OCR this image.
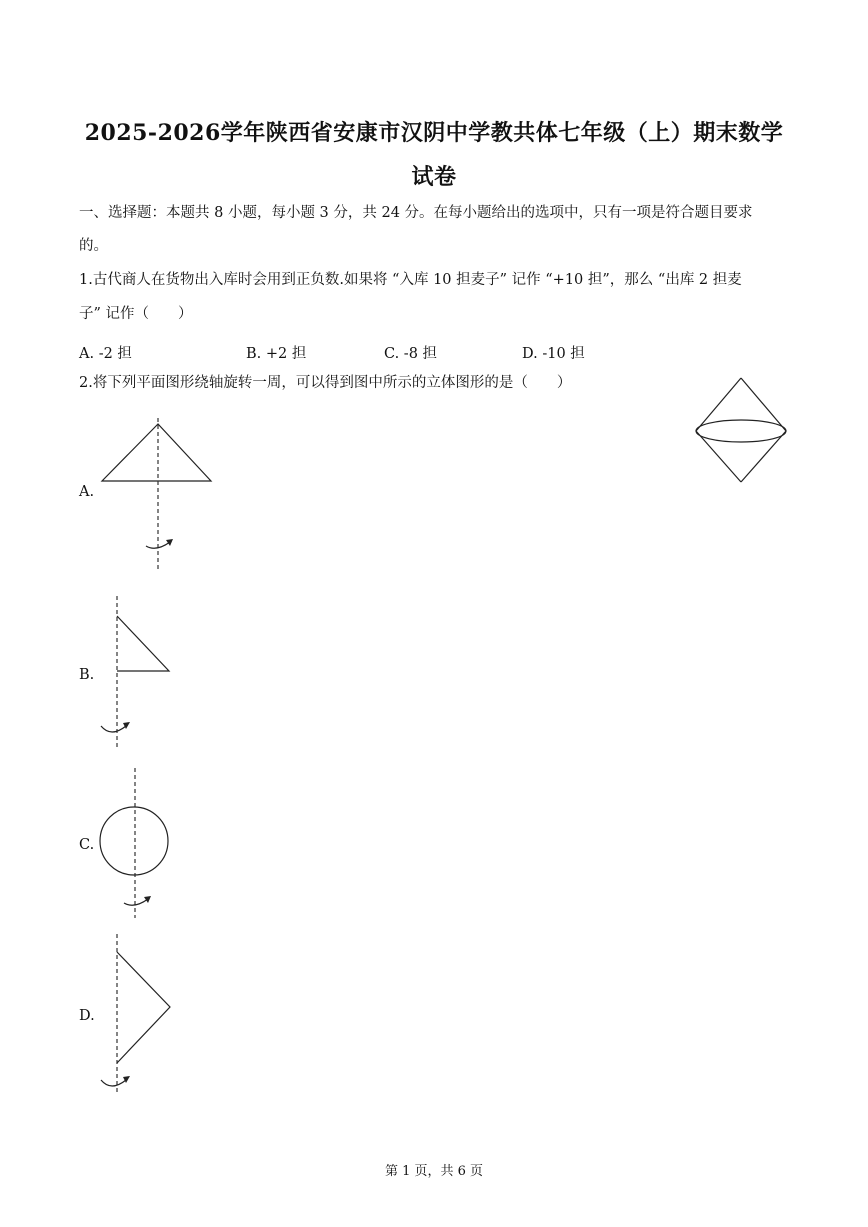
2025-2026学年陕西省安康市汉阴中学教共体七年级（上）期末数学
试卷
一、选择题：本题共 8 小题，每小题 3 分，共 24 分。在每小题给出的选项中，只有一项是符合题目要求
的。
1.古代商人在货物出入库时会用到正负数.如果将 “入库 10 担麦子” 记作 “+10 担”，那么 “出库 2 担麦
子” 记作（　　）
A. -2 担	B. +2 担	C. -8 担	D. -10 担
2.将下列平面图形绕轴旋转一周，可以得到图中所示的立体图形的是（　　）
A.
B.
C.
D.
第 1 页，共 6 页
